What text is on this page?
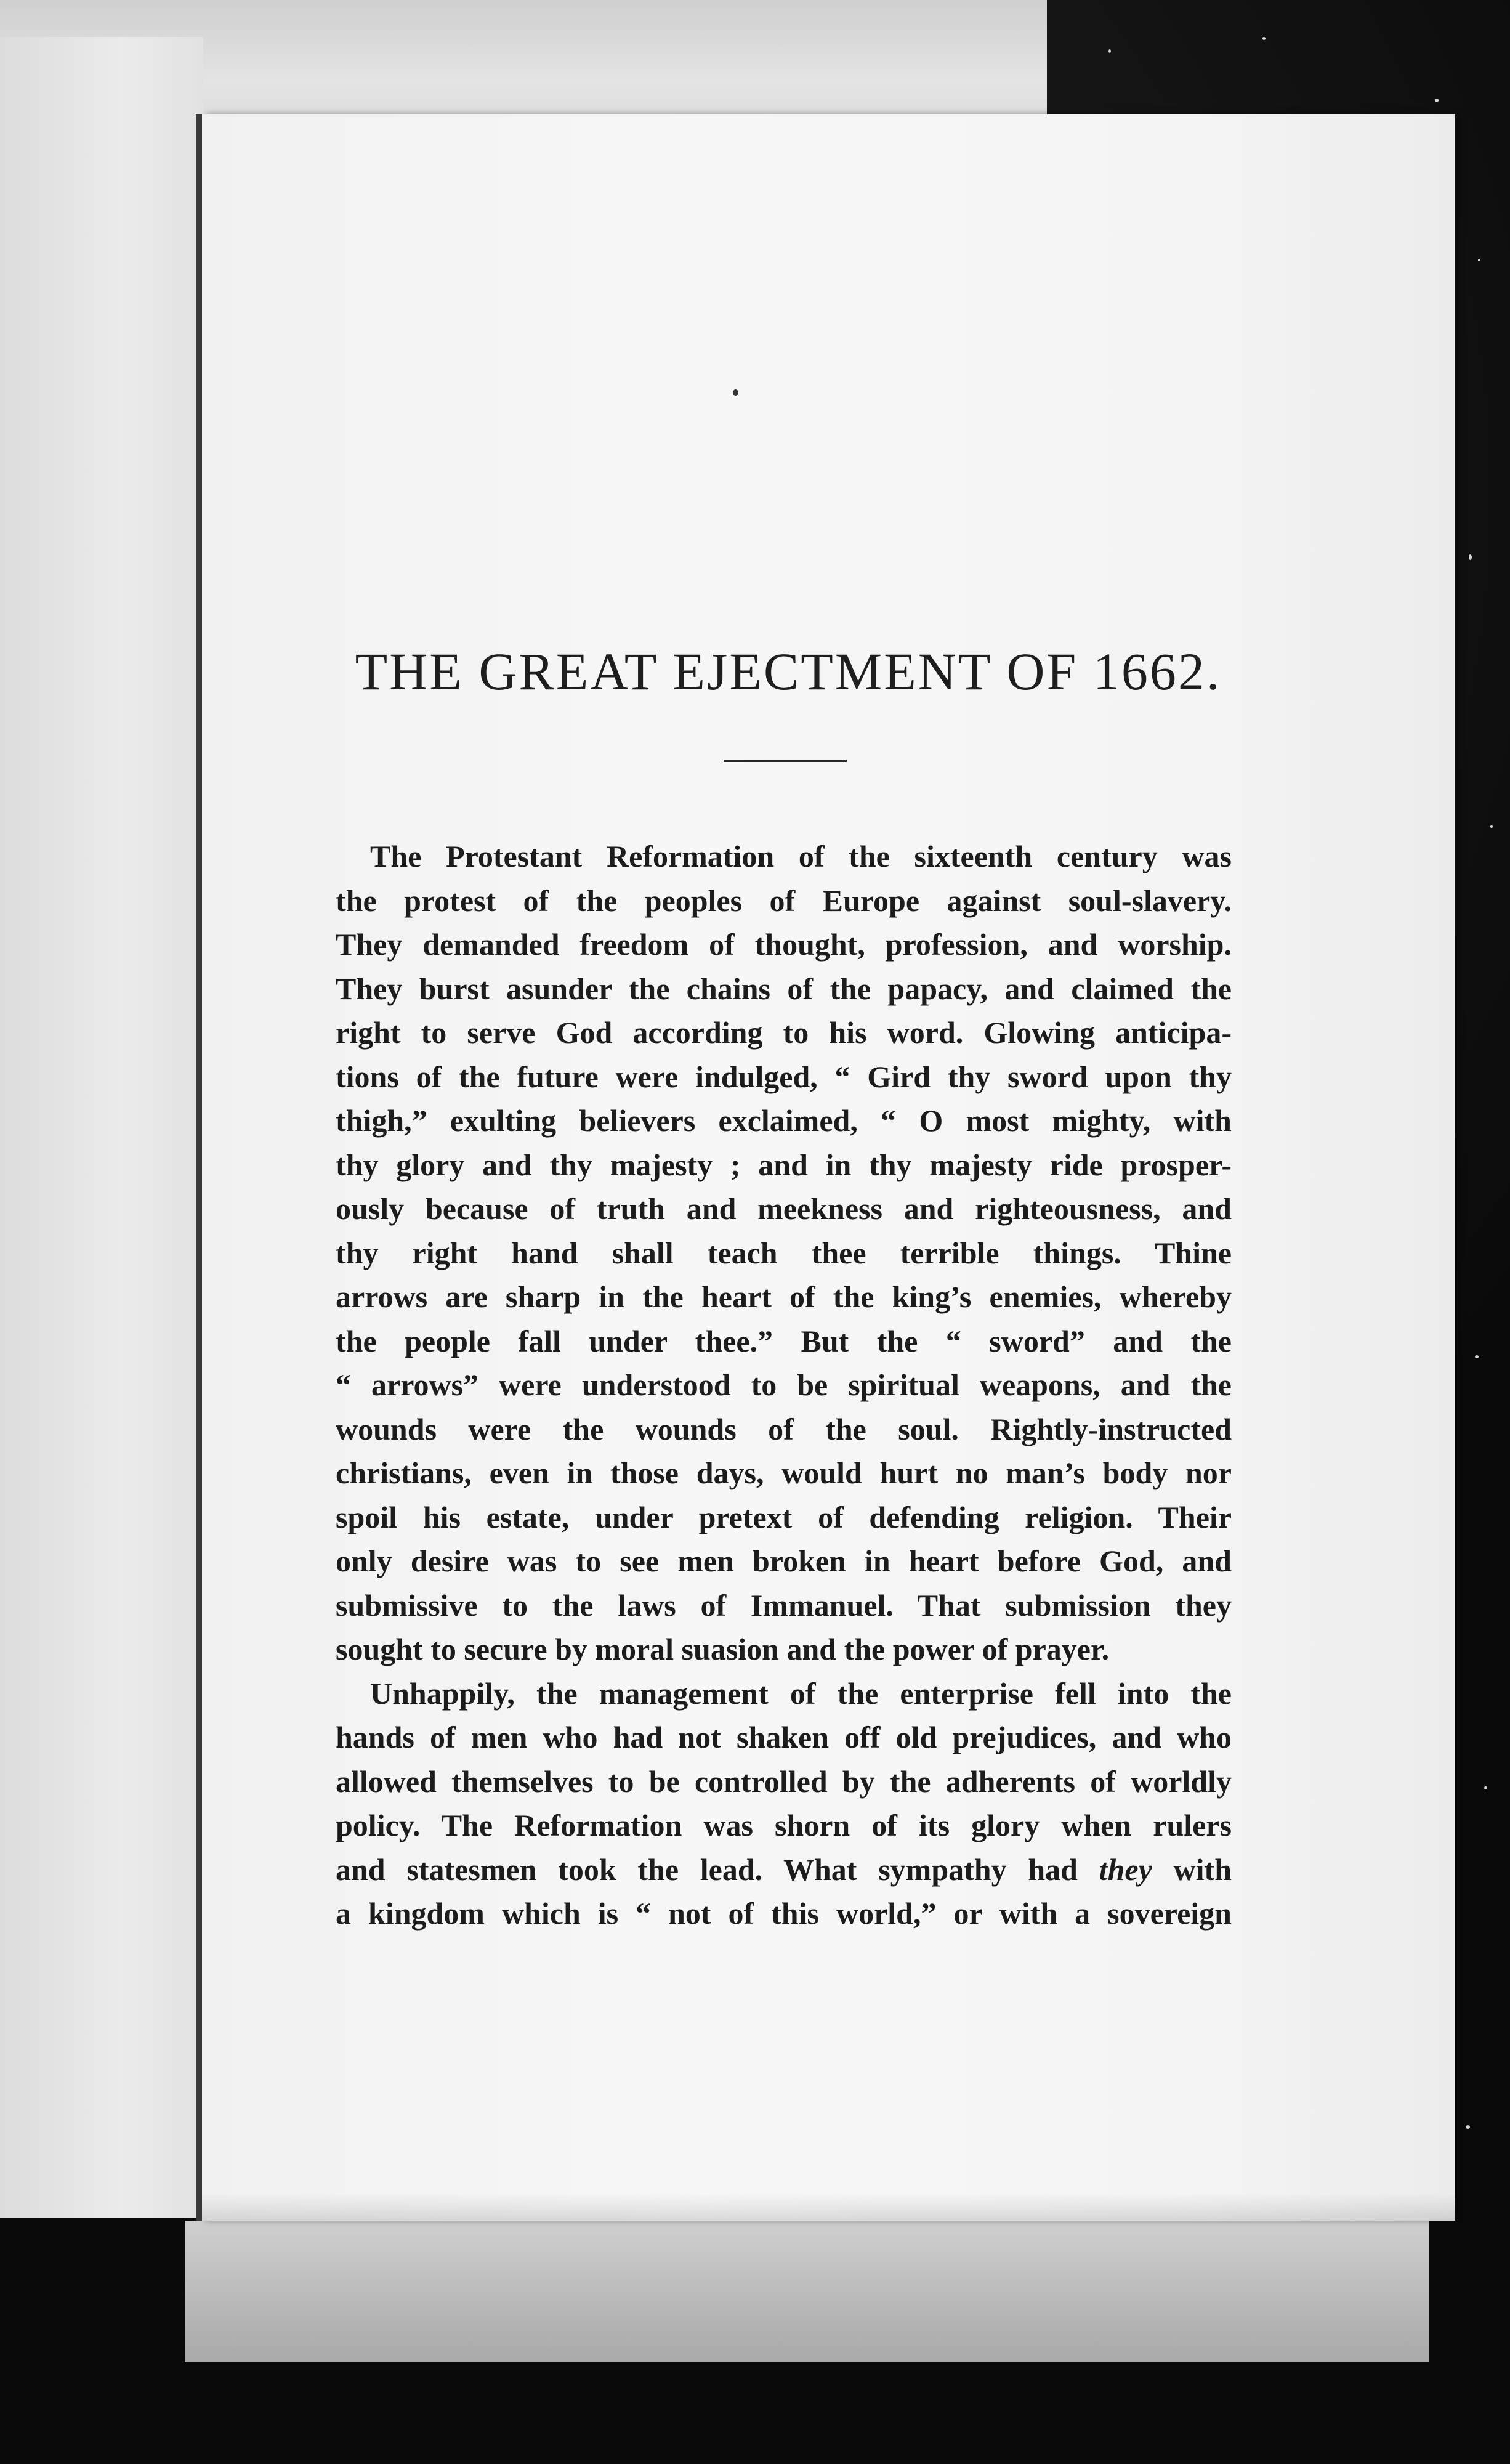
THE GREAT EJECTMENT OF 1662.
The Protestant Reformation of the sixteenth century was
the protest of the peoples of Europe against soul-slavery.
They demanded freedom of thought, profession, and worship.
They burst asunder the chains of the papacy, and claimed the
right to serve God according to his word. Glowing anticipa-
tions of the future were indulged, “ Gird thy sword upon thy
thigh,” exulting believers exclaimed, “ O most mighty, with
thy glory and thy majesty ; and in thy majesty ride prosper-
ously because of truth and meekness and righteousness, and
thy right hand shall teach thee terrible things. Thine
arrows are sharp in the heart of the king’s enemies, whereby
the people fall under thee.” But the “ sword” and the
“ arrows” were understood to be spiritual weapons, and the
wounds were the wounds of the soul. Rightly-instructed
christians, even in those days, would hurt no man’s body nor
spoil his estate, under pretext of defending religion. Their
only desire was to see men broken in heart before God, and
submissive to the laws of Immanuel. That submission they
sought to secure by moral suasion and the power of prayer.
Unhappily, the management of the enterprise fell into the
hands of men who had not shaken off old prejudices, and who
allowed themselves to be controlled by the adherents of worldly
policy. The Reformation was shorn of its glory when rulers
and statesmen took the lead. What sympathy had they with
a kingdom which is “ not of this world,” or with a sovereign
